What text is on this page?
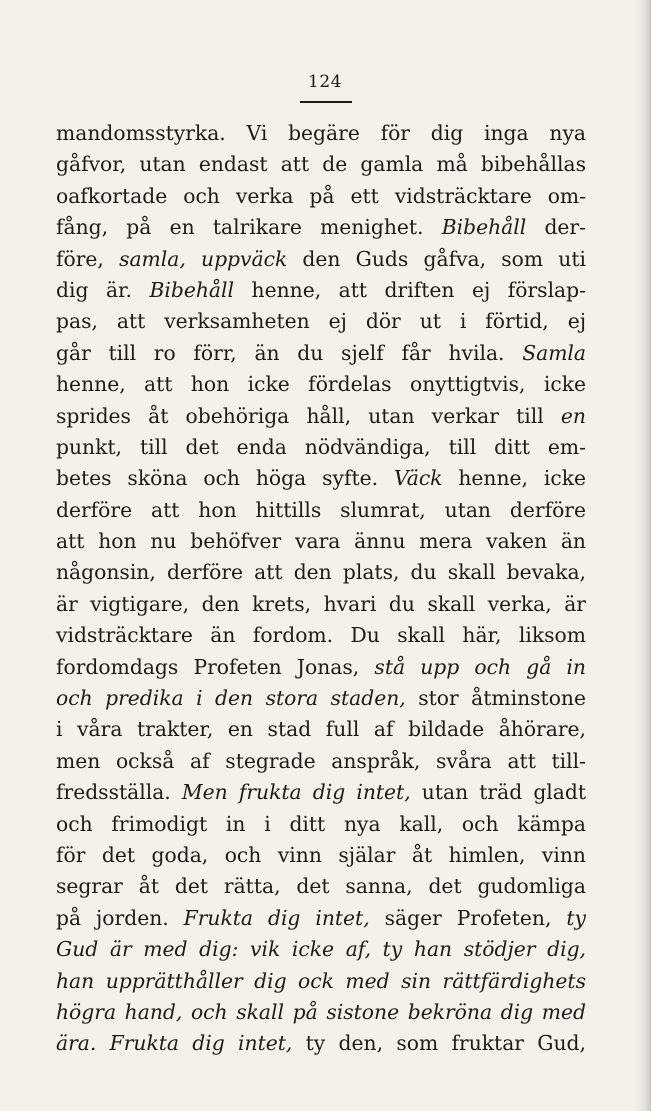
124
mandomsstyrka. Vi begäre för dig inga nya
gåfvor, utan endast att de gamla må bibehållas
oafkortade och verka på ett vidsträcktare om-
fång, på en talrikare menighet. Bibehåll der-
före, samla, uppväck den Guds gåfva, som uti
dig är. Bibehåll henne, att driften ej förslap-
pas, att verksamheten ej dör ut i förtid, ej
går till ro förr, än du sjelf får hvila. Samla
henne, att hon icke fördelas onyttigtvis, icke
sprides åt obehöriga håll, utan verkar till en
punkt, till det enda nödvändiga, till ditt em-
betes sköna och höga syfte. Väck henne, icke
derföre att hon hittills slumrat, utan derföre
att hon nu behöfver vara ännu mera vaken än
någonsin, derföre att den plats, du skall bevaka,
är vigtigare, den krets, hvari du skall verka, är
vidsträcktare än fordom. Du skall här, liksom
fordomdags Profeten Jonas, stå upp och gå in
och predika i den stora staden, stor åtminstone
i våra trakter, en stad full af bildade åhörare,
men också af stegrade anspråk, svåra att till-
fredsställa. Men frukta dig intet, utan träd gladt
och frimodigt in i ditt nya kall, och kämpa
för det goda, och vinn själar åt himlen, vinn
segrar åt det rätta, det sanna, det gudomliga
på jorden. Frukta dig intet, säger Profeten, ty
Gud är med dig: vik icke af, ty han stödjer dig,
han upprätthåller dig ock med sin rättfärdighets
högra hand, och skall på sistone bekröna dig med
ära. Frukta dig intet, ty den, som fruktar Gud,
